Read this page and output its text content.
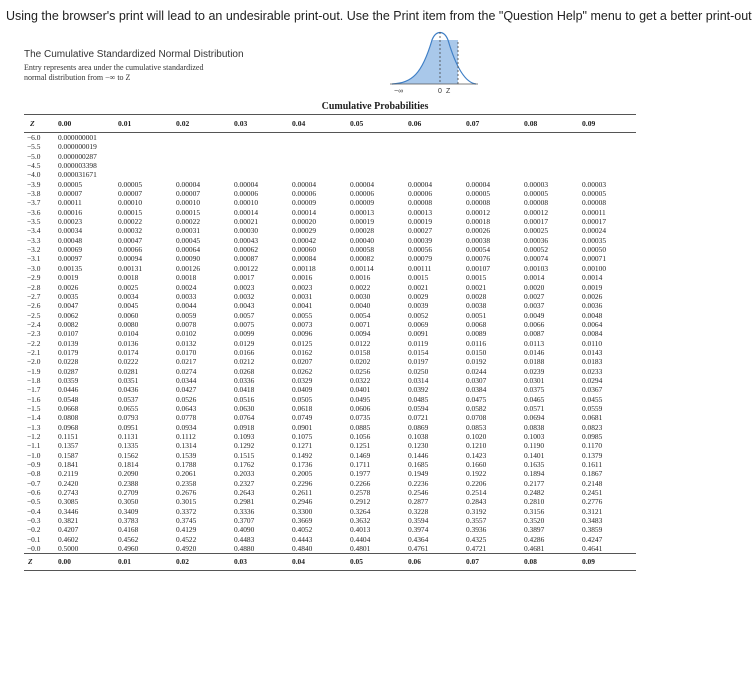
Using the browser's print will lead to an undesirable print-out. Use the Print item from the "Question Help" menu to get a better print-out
The Cumulative Standardized Normal Distribution
Entry represents area under the cumulative standardized
normal distribution from −∞ to Z
−∞	0 Z
Cumulative Probabilities
Z	0.00	0.01	0.02	0.03	0.04	0.05	0.06	0.07	0.08	0.09
−6.0	0.000000001									
−5.5	0.000000019									
−5.0	0.000000287									
−4.5	0.000003398									
−4.0	0.000031671									
−3.9	0.00005	0.00005	0.00004	0.00004	0.00004	0.00004	0.00004	0.00004	0.00003	0.00003
−3.8	0.00007	0.00007	0.00007	0.00006	0.00006	0.00006	0.00006	0.00005	0.00005	0.00005
−3.7	0.00011	0.00010	0.00010	0.00010	0.00009	0.00009	0.00008	0.00008	0.00008	0.00008
−3.6	0.00016	0.00015	0.00015	0.00014	0.00014	0.00013	0.00013	0.00012	0.00012	0.00011
−3.5	0.00023	0.00022	0.00022	0.00021	0.00020	0.00019	0.00019	0.00018	0.00017	0.00017
−3.4	0.00034	0.00032	0.00031	0.00030	0.00029	0.00028	0.00027	0.00026	0.00025	0.00024
−3.3	0.00048	0.00047	0.00045	0.00043	0.00042	0.00040	0.00039	0.00038	0.00036	0.00035
−3.2	0.00069	0.00066	0.00064	0.00062	0.00060	0.00058	0.00056	0.00054	0.00052	0.00050
−3.1	0.00097	0.00094	0.00090	0.00087	0.00084	0.00082	0.00079	0.00076	0.00074	0.00071
−3.0	0.00135	0.00131	0.00126	0.00122	0.00118	0.00114	0.00111	0.00107	0.00103	0.00100
−2.9	0.0019	0.0018	0.0018	0.0017	0.0016	0.0016	0.0015	0.0015	0.0014	0.0014
−2.8	0.0026	0.0025	0.0024	0.0023	0.0023	0.0022	0.0021	0.0021	0.0020	0.0019
−2.7	0.0035	0.0034	0.0033	0.0032	0.0031	0.0030	0.0029	0.0028	0.0027	0.0026
−2.6	0.0047	0.0045	0.0044	0.0043	0.0041	0.0040	0.0039	0.0038	0.0037	0.0036
−2.5	0.0062	0.0060	0.0059	0.0057	0.0055	0.0054	0.0052	0.0051	0.0049	0.0048
−2.4	0.0082	0.0080	0.0078	0.0075	0.0073	0.0071	0.0069	0.0068	0.0066	0.0064
−2.3	0.0107	0.0104	0.0102	0.0099	0.0096	0.0094	0.0091	0.0089	0.0087	0.0084
−2.2	0.0139	0.0136	0.0132	0.0129	0.0125	0.0122	0.0119	0.0116	0.0113	0.0110
−2.1	0.0179	0.0174	0.0170	0.0166	0.0162	0.0158	0.0154	0.0150	0.0146	0.0143
−2.0	0.0228	0.0222	0.0217	0.0212	0.0207	0.0202	0.0197	0.0192	0.0188	0.0183
−1.9	0.0287	0.0281	0.0274	0.0268	0.0262	0.0256	0.0250	0.0244	0.0239	0.0233
−1.8	0.0359	0.0351	0.0344	0.0336	0.0329	0.0322	0.0314	0.0307	0.0301	0.0294
−1.7	0.0446	0.0436	0.0427	0.0418	0.0409	0.0401	0.0392	0.0384	0.0375	0.0367
−1.6	0.0548	0.0537	0.0526	0.0516	0.0505	0.0495	0.0485	0.0475	0.0465	0.0455
−1.5	0.0668	0.0655	0.0643	0.0630	0.0618	0.0606	0.0594	0.0582	0.0571	0.0559
−1.4	0.0808	0.0793	0.0778	0.0764	0.0749	0.0735	0.0721	0.0708	0.0694	0.0681
−1.3	0.0968	0.0951	0.0934	0.0918	0.0901	0.0885	0.0869	0.0853	0.0838	0.0823
−1.2	0.1151	0.1131	0.1112	0.1093	0.1075	0.1056	0.1038	0.1020	0.1003	0.0985
−1.1	0.1357	0.1335	0.1314	0.1292	0.1271	0.1251	0.1230	0.1210	0.1190	0.1170
−1.0	0.1587	0.1562	0.1539	0.1515	0.1492	0.1469	0.1446	0.1423	0.1401	0.1379
−0.9	0.1841	0.1814	0.1788	0.1762	0.1736	0.1711	0.1685	0.1660	0.1635	0.1611
−0.8	0.2119	0.2090	0.2061	0.2033	0.2005	0.1977	0.1949	0.1922	0.1894	0.1867
−0.7	0.2420	0.2388	0.2358	0.2327	0.2296	0.2266	0.2236	0.2206	0.2177	0.2148
−0.6	0.2743	0.2709	0.2676	0.2643	0.2611	0.2578	0.2546	0.2514	0.2482	0.2451
−0.5	0.3085	0.3050	0.3015	0.2981	0.2946	0.2912	0.2877	0.2843	0.2810	0.2776
−0.4	0.3446	0.3409	0.3372	0.3336	0.3300	0.3264	0.3228	0.3192	0.3156	0.3121
−0.3	0.3821	0.3783	0.3745	0.3707	0.3669	0.3632	0.3594	0.3557	0.3520	0.3483
−0.2	0.4207	0.4168	0.4129	0.4090	0.4052	0.4013	0.3974	0.3936	0.3897	0.3859
−0.1	0.4602	0.4562	0.4522	0.4483	0.4443	0.4404	0.4364	0.4325	0.4286	0.4247
−0.0	0.5000	0.4960	0.4920	0.4880	0.4840	0.4801	0.4761	0.4721	0.4681	0.4641
Z	0.00	0.01	0.02	0.03	0.04	0.05	0.06	0.07	0.08	0.09
